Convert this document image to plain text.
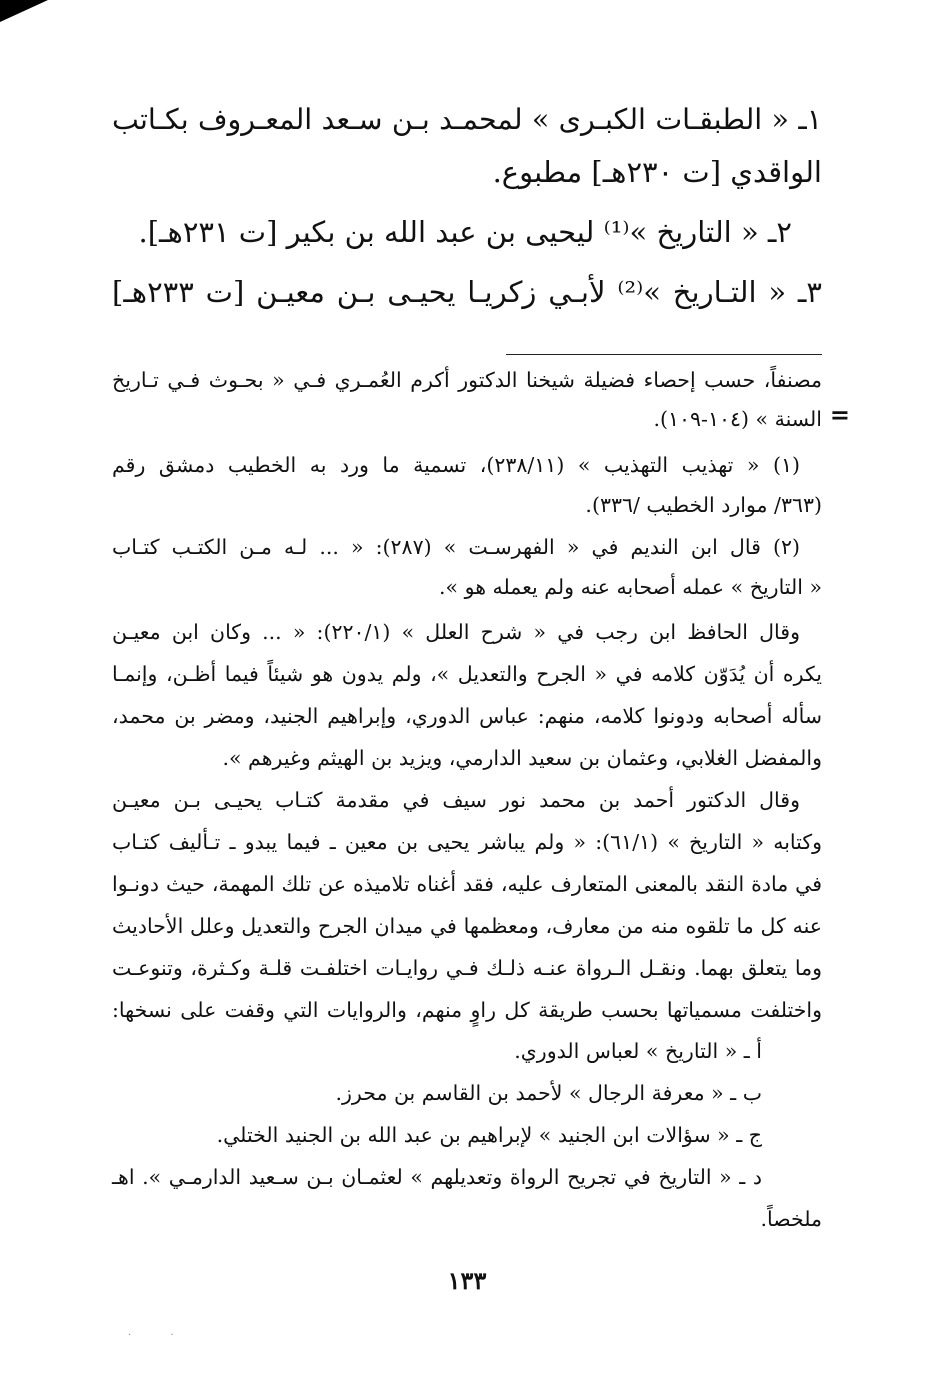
١ـ « الطبقـات الكبـرى » لمحمـد بـن سـعد المعـروف بكـاتب
الواقدي [ت ٢٣٠هـ] مطبوع.
٢ـ « التاريخ »⁽¹⁾ ليحيى بن عبد الله بن بكير [ت ٢٣١هـ].
٣ـ « التـاريخ »⁽²⁾ لأبـي زكريـا يحيـى بـن معيـن [ت ٢٣٣هـ]
=
مصنفاً، حسب إحصاء فضيلة شيخنا الدكتور أكرم العُمـري فـي « بحـوث فـي تـاريخ
السنة » (١٠٤-١٠٩).
(١) « تهذيب التهذيب » (٢٣٨/١١)، تسمية ما ورد به الخطيب دمشق رقم
(٣٦٣/ موارد الخطيب /٣٣٦).
(٢) قال ابن النديم في « الفهرسـت » (٢٨٧): « ... لـه مـن الكتـب كتـاب
« التاريخ » عمله أصحابه عنه ولم يعمله هو ».
وقال الحافظ ابن رجب في « شرح العلل » (٢٢٠/١): « ... وكان ابن معيـن
يكره أن يُدَوّن كلامه في « الجرح والتعديل »، ولم يدون هو شيئاً فيما أظـن، وإنمـا
سأله أصحابه ودونوا كلامه، منهم: عباس الدوري، وإبراهيم الجنيد، ومضر بن محمد،
والمفضل الغلابي، وعثمان بن سعيد الدارمي، ويزيد بن الهيثم وغيرهم ».
وقال الدكتور أحمد بن محمد نور سيف في مقدمة كتـاب يحيـى بـن معيـن
وكتابه « التاريخ » (٦١/١): « ولم يباشر يحيى بن معين ـ فيما يبدو ـ تـأليف كتـاب
في مادة النقد بالمعنى المتعارف عليه، فقد أغناه تلاميذه عن تلك المهمة، حيث دونـوا
عنه كل ما تلقوه منه من معارف، ومعظمها في ميدان الجرح والتعديل وعلل الأحاديث
وما يتعلق بهما. ونقـل الـرواة عنـه ذلـك فـي روايـات اختلفـت قلـة وكـثرة، وتنوعـت
واختلفت مسمياتها بحسب طريقة كل راوٍ منهم، والروايات التي وقفت على نسخها:
أ ـ « التاريخ » لعباس الدوري.
ب ـ « معرفة الرجال » لأحمد بن القاسم بن محرز.
ج ـ « سؤالات ابن الجنيد » لإبراهيم بن عبد الله بن الجنيد الختلي.
د ـ « التاريخ في تجريح الرواة وتعديلهم » لعثمـان بـن سـعيد الدارمـي ». اهـ
ملخصاً.
١٣٣
· ·
